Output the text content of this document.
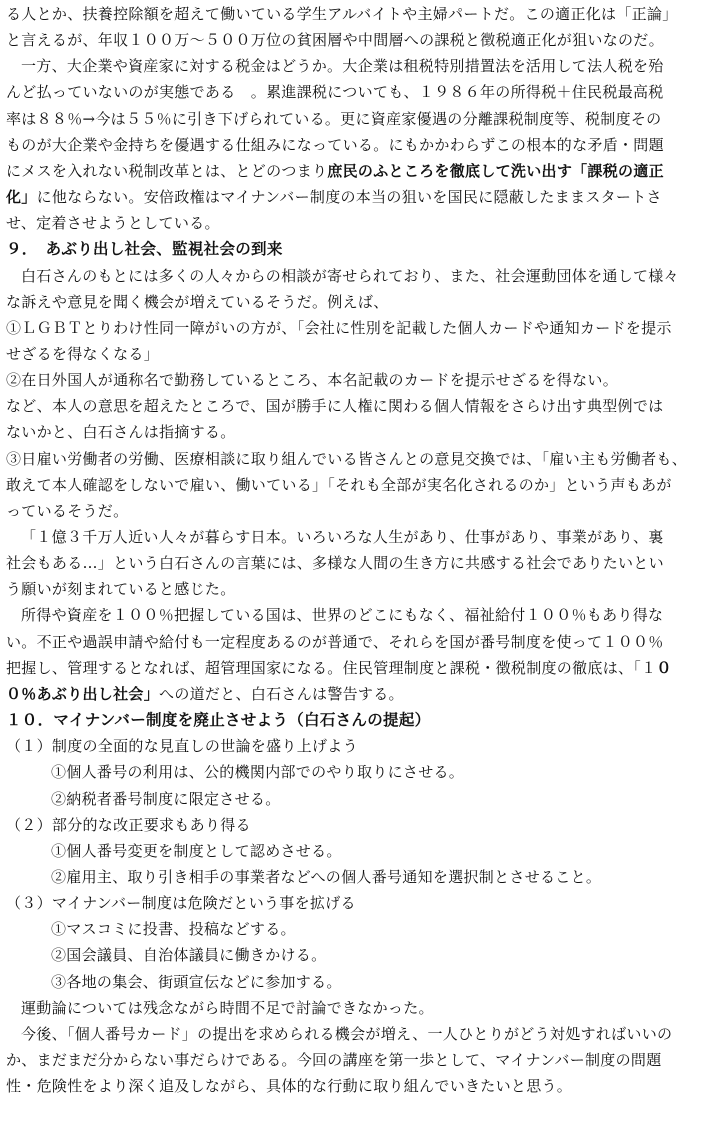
る人とか、扶養控除額を超えて働いている学生アルバイトや主婦パートだ。この適正化は「正論」
と言えるが、年収１００万～５００万位の貧困層や中間層への課税と徴税適正化が狙いなのだ。
一方、大企業や資産家に対する税金はどうか。大企業は租税特別措置法を活用して法人税を殆
んど払っていないのが実態である　。累進課税についても、１９８６年の所得税＋住民税最高税
率は８８％→今は５５％に引き下げられている。更に資産家優遇の分離課税制度等、税制度その
ものが大企業や金持ちを優遇する仕組みになっている。にもかかわらずこの根本的な矛盾・問題
にメスを入れない税制改革とは、とどのつまり庶民のふところを徹底して洗い出す「課税の適正
化」に他ならない。安倍政権はマイナンバー制度の本当の狙いを国民に隠蔽したままスタートさ
せ、定着させようとしている。
９．　あぶり出し社会、監視社会の到来
白石さんのもとには多くの人々からの相談が寄せられており、また、社会運動団体を通して様々
な訴えや意見を聞く機会が増えているそうだ。例えば、
①ＬＧＢＴとりわけ性同一障がいの方が、「会社に性別を記載した個人カードや通知カードを提示
せざるを得なくなる」
②在日外国人が通称名で勤務しているところ、本名記載のカードを提示せざるを得ない。
など、本人の意思を超えたところで、国が勝手に人権に関わる個人情報をさらけ出す典型例では
ないかと、白石さんは指摘する。
③日雇い労働者の労働、医療相談に取り組んでいる皆さんとの意見交換では、「雇い主も労働者も、
敢えて本人確認をしないで雇い、働いている」「それも全部が実名化されるのか」という声もあが
っているそうだ。
「１億３千万人近い人々が暮らす日本。いろいろな人生があり、仕事があり、事業があり、裏
社会もある…」という白石さんの言葉には、多様な人間の生き方に共感する社会でありたいとい
う願いが刻まれていると感じた。
所得や資産を１００％把握している国は、世界のどこにもなく、福祉給付１００％もあり得な
い。不正や過誤申請や給付も一定程度あるのが普通で、それらを国が番号制度を使って１００％
把握し、管理するとなれば、超管理国家になる。住民管理制度と課税・徴税制度の徹底は、「１０
０％あぶり出し社会」への道だと、白石さんは警告する。
１０．マイナンバー制度を廃止させよう（白石さんの提起）
（１）制度の全面的な見直しの世論を盛り上げよう
①個人番号の利用は、公的機関内部でのやり取りにさせる。
②納税者番号制度に限定させる。
（２）部分的な改正要求もあり得る
①個人番号変更を制度として認めさせる。
②雇用主、取り引き相手の事業者などへの個人番号通知を選択制とさせること。
（３）マイナンバー制度は危険だという事を拡げる
①マスコミに投書、投稿などする。
②国会議員、自治体議員に働きかける。
③各地の集会、街頭宣伝などに参加する。
運動論については残念ながら時間不足で討論できなかった。
今後、「個人番号カード」の提出を求められる機会が増え、一人ひとりがどう対処すればいいの
か、まだまだ分からない事だらけである。今回の講座を第一歩として、マイナンバー制度の問題
性・危険性をより深く追及しながら、具体的な行動に取り組んでいきたいと思う。
